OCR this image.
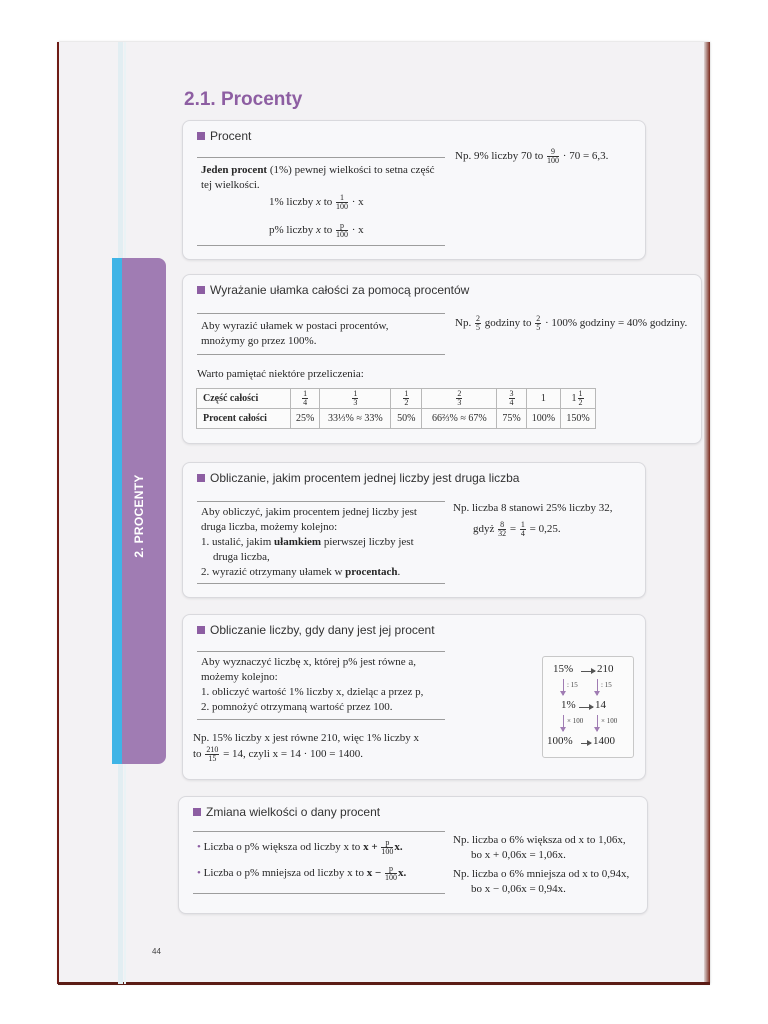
2. PROCENTY
2.1. Procenty
Procent
Jeden procent (1%) pewnej wielkości to setna część tej wielkości.
1% liczby x to $\frac{1}{100} \cdot x$
p% liczby x to $\frac{p}{100} \cdot x$
Np. 9% liczby 70 to $\frac{9}{100} \cdot 70 = 6,3$.
Wyrażanie ułamka całości za pomocą procentów
Aby wyrazić ułamek w postaci procentów, mnożymy go przez 100%.
Np. $\frac{2}{5}$ godziny to $\frac{2}{5} \cdot 100\%$ godziny = 40% godziny.
Warto pamiętać niektóre przeliczenia:
Część całości	$\frac{1}{4}$	$\frac{1}{3}$	$\frac{1}{2}$	$\frac{2}{3}$	$\frac{3}{4}$	1	$1 \frac{1}{2}$

Procent całości	25%	33⅓% ≈ 33%	50%	66⅔% ≈ 67%	75%	100%	150%
Obliczanie, jakim procentem jednej liczby jest druga liczba
Aby obliczyć, jakim procentem jednej liczby jest
druga liczba, możemy kolejno:
1. ustalić, jakim ułamkiem pierwszej liczby jest
druga liczba,
2. wyrazić otrzymany ułamek w procentach.
Np. liczba 8 stanowi 25% liczby 32,
gdyż $\frac{8}{32} = \frac{1}{4} = 0,25$.
Obliczanie liczby, gdy dany jest jej procent
Aby wyznaczyć liczbę x, której p% jest równe a,
możemy kolejno:
1. obliczyć wartość 1% liczby x, dzieląc a przez p,
2. pomnożyć otrzymaną wartość przez 100.
Np. 15% liczby x jest równe 210, więc 1% liczby x
to $\frac{210}{15} = 14$, czyli x = 14 · 100 = 1400.
15% 210
: 15	: 15
1% 14
× 100	× 100
100% 1400
Zmiana wielkości o dany procent
• Liczba o p% większa od liczby x to $x + \frac{p}{100} x$.
• Liczba o p% mniejsza od liczby x to $x - \frac{p}{100} x$.
Np. liczba o 6% większa od x to 1,06x,
bo x + 0,06x = 1,06x.
Np. liczba o 6% mniejsza od x to 0,94x,
bo x − 0,06x = 0,94x.
44
